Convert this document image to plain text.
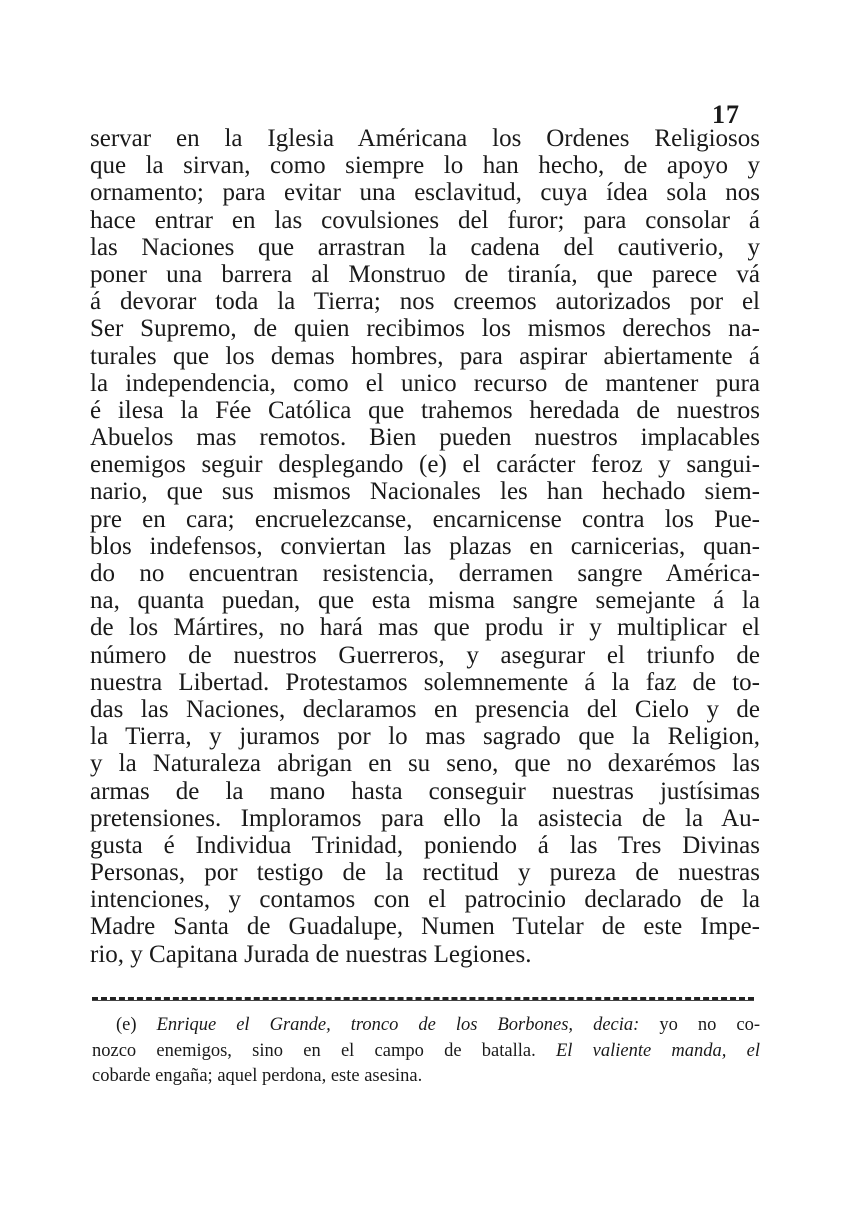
17
servar en la Iglesia Américana los Ordenes Religiosos
que la sirvan, como siempre lo han hecho, de apoyo y
ornamento; para evitar una esclavitud, cuya ídea sola nos
hace entrar en las covulsiones del furor; para consolar á
las Naciones que arrastran la cadena del cautiverio, y
poner una barrera al Monstruo de tiranía, que parece vá
á devorar toda la Tierra; nos creemos autorizados por el
Ser Supremo, de quien recibimos los mismos derechos na-
turales que los demas hombres, para aspirar abiertamente á
la independencia, como el unico recurso de mantener pura
é ilesa la Fée Católica que trahemos heredada de nuestros
Abuelos mas remotos. Bien pueden nuestros implacables
enemigos seguir desplegando (e) el carácter feroz y sangui-
nario, que sus mismos Nacionales les han hechado siem-
pre en cara; encruelezcanse, encarnicense contra los Pue-
blos indefensos, conviertan las plazas en carnicerias, quan-
do no encuentran resistencia, derramen sangre América-
na, quanta puedan, que esta misma sangre semejante á la
de los Mártires, no hará mas que produ ir y multiplicar el
número de nuestros Guerreros, y asegurar el triunfo de
nuestra Libertad. Protestamos solemnemente á la faz de to-
das las Naciones, declaramos en presencia del Cielo y de
la Tierra, y juramos por lo mas sagrado que la Religion,
y la Naturaleza abrigan en su seno, que no dexarémos las
armas de la mano hasta conseguir nuestras justísimas
pretensiones. Imploramos para ello la asistecia de la Au-
gusta é Individua Trinidad, poniendo á las Tres Divinas
Personas, por testigo de la rectitud y pureza de nuestras
intenciones, y contamos con el patrocinio declarado de la
Madre Santa de Guadalupe, Numen Tutelar de este Impe-
rio, y Capitana Jurada de nuestras Legiones.
(e) Enrique el Grande, tronco de los Borbones, decia: yo no co-
nozco enemigos, sino en el campo de batalla. El valiente manda, el
cobarde engaña; aquel perdona, este asesina.
